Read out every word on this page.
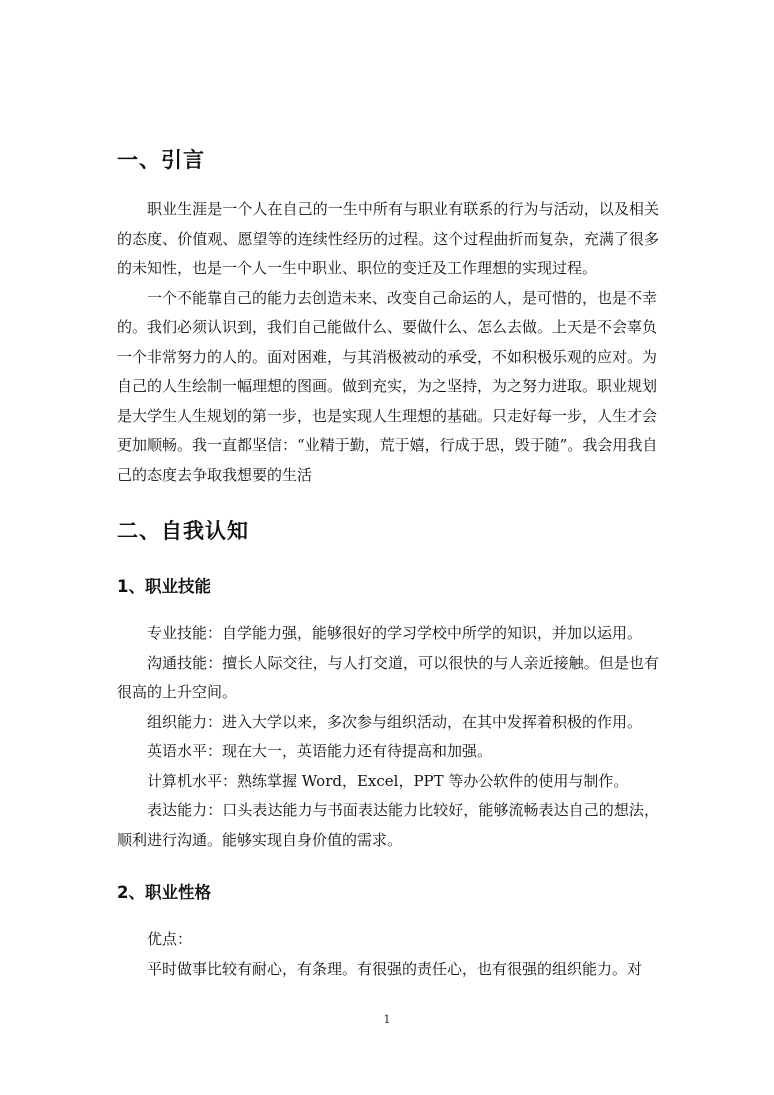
一、引言

职业生涯是一个人在自己的一生中所有与职业有联系的行为与活动，以及相关的态度、价值观、愿望等的连续性经历的过程。这个过程曲折而复杂，充满了很多的未知性，也是一个人一生中职业、职位的变迁及工作理想的实现过程。

一个不能靠自己的能力去创造未来、改变自己命运的人，是可惜的，也是不幸的。我们必须认识到，我们自己能做什么、要做什么、怎么去做。上天是不会辜负一个非常努力的人的。面对困难，与其消极被动的承受，不如积极乐观的应对。为自己的人生绘制一幅理想的图画。做到充实，为之坚持，为之努力进取。职业规划是大学生人生规划的第一步，也是实现人生理想的基础。只走好每一步，人生才会更加顺畅。我一直都坚信：“业精于勤，荒于嬉，行成于思，毁于随”。我会用我自己的态度去争取我想要的生活

二、自我认知
1、职业技能

专业技能：自学能力强，能够很好的学习学校中所学的知识，并加以运用。

沟通技能：擅长人际交往，与人打交道，可以很快的与人亲近接触。但是也有很高的上升空间。

组织能力：进入大学以来，多次参与组织活动，在其中发挥着积极的作用。

英语水平：现在大一，英语能力还有待提高和加强。

计算机水平：熟练掌握 Word，Excel，PPT 等办公软件的使用与制作。

表达能力：口头表达能力与书面表达能力比较好，能够流畅表达自己的想法，顺利进行沟通。能够实现自身价值的需求。

2、职业性格

优点：

平时做事比较有耐心，有条理。有很强的责任心，也有很强的组织能力。对

1
